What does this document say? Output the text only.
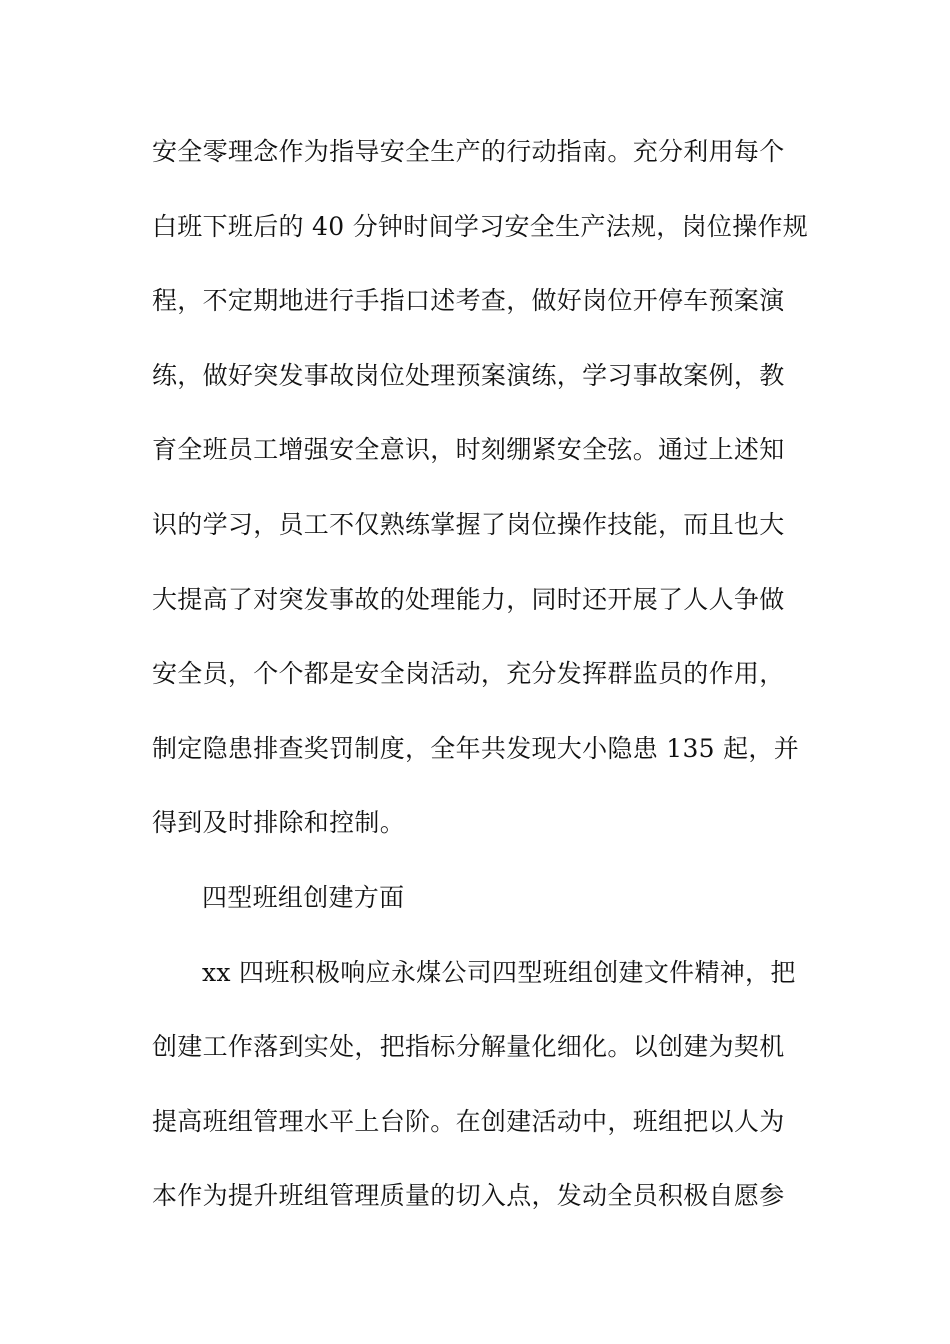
安全零理念作为指导安全生产的行动指南。充分利用每个
白班下班后的 40 分钟时间学习安全生产法规，岗位操作规
程，不定期地进行手指口述考查，做好岗位开停车预案演
练，做好突发事故岗位处理预案演练，学习事故案例，教
育全班员工增强安全意识，时刻绷紧安全弦。通过上述知
识的学习，员工不仅熟练掌握了岗位操作技能，而且也大
大提高了对突发事故的处理能力，同时还开展了人人争做
安全员，个个都是安全岗活动，充分发挥群监员的作用，
制定隐患排查奖罚制度，全年共发现大小隐患 135 起，并
得到及时排除和控制。
四型班组创建方面
xx 四班积极响应永煤公司四型班组创建文件精神，把
创建工作落到实处，把指标分解量化细化。以创建为契机
提高班组管理水平上台阶。在创建活动中，班组把以人为
本作为提升班组管理质量的切入点，发动全员积极自愿参
